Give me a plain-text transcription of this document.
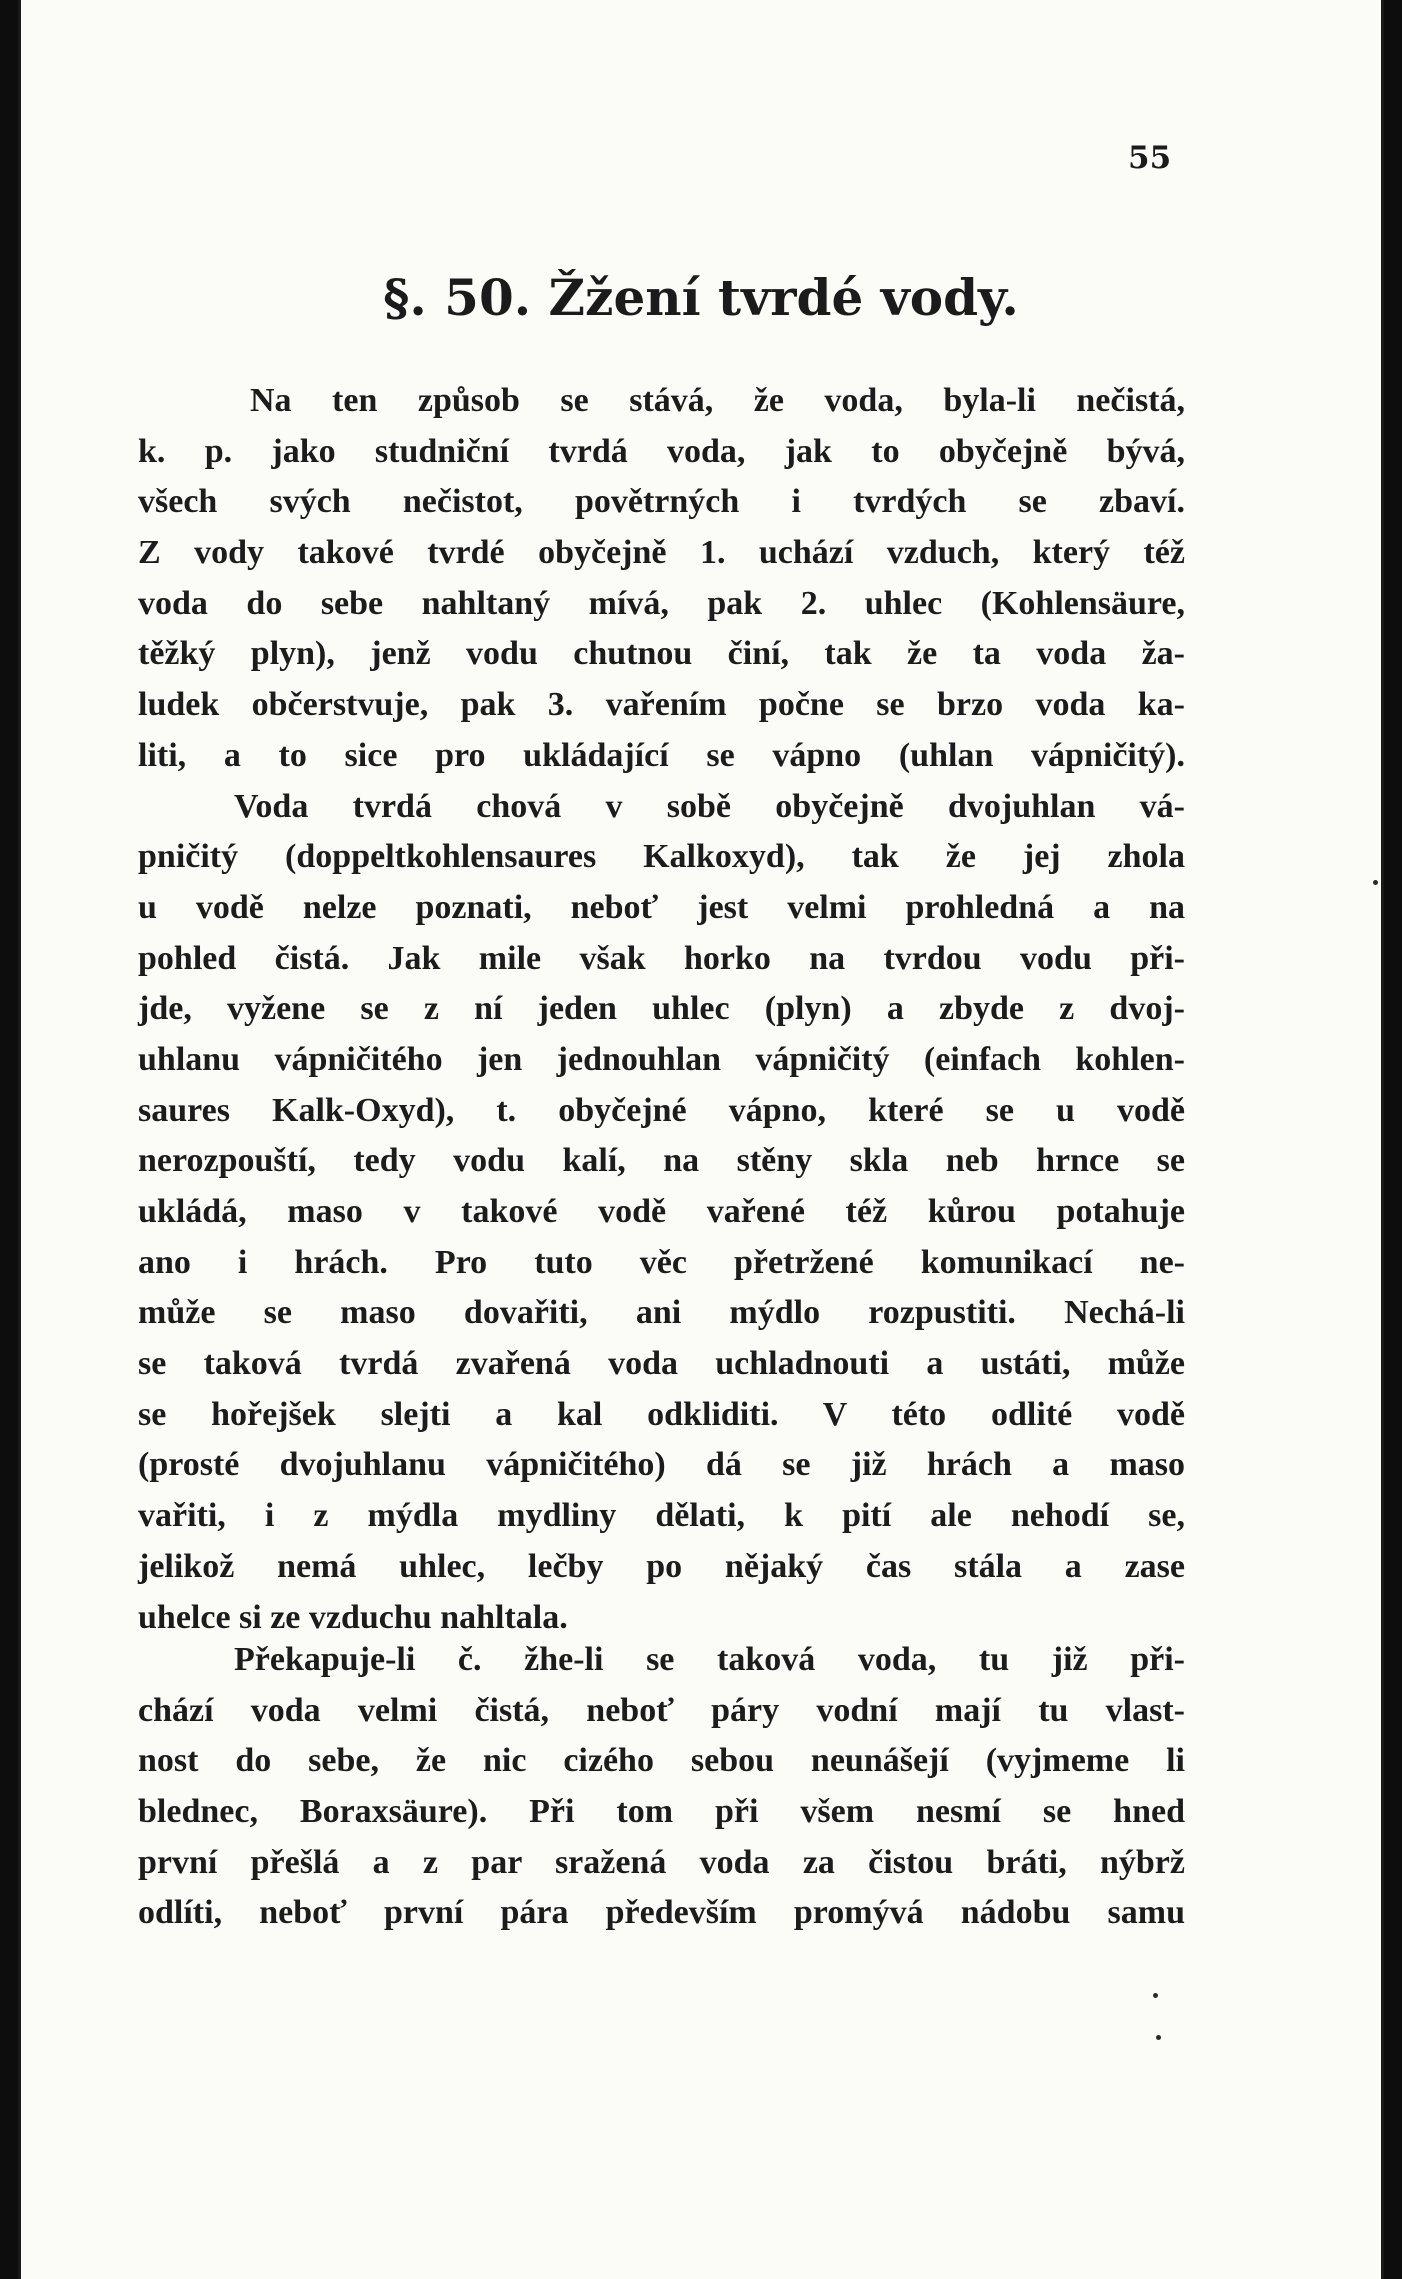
55
§. 50. Žžení tvrdé vody.
Na ten způsob se stává, že voda, byla-li nečistá,
k. p. jako studniční tvrdá voda, jak to obyčejně bývá,
všech svých nečistot, povětrných i tvrdých se zbaví.
Z vody takové tvrdé obyčejně 1. uchází vzduch, který též
voda do sebe nahltaný mívá, pak 2. uhlec (Kohlensäure,
těžký plyn), jenž vodu chutnou činí, tak že ta voda ža-
ludek občerstvuje, pak 3. vařením počne se brzo voda ka-
liti, a to sice pro ukládající se vápno (uhlan vápničitý).
Voda tvrdá chová v sobě obyčejně dvojuhlan vá-
pničitý (doppeltkohlensaures Kalkoxyd), tak že jej zhola
u vodě nelze poznati, neboť jest velmi prohledná a na
pohled čistá. Jak mile však horko na tvrdou vodu při-
jde, vyžene se z ní jeden uhlec (plyn) a zbyde z dvoj-
uhlanu vápničitého jen jednouhlan vápničitý (einfach kohlen-
saures Kalk-Oxyd), t. obyčejné vápno, které se u vodě
nerozpouští, tedy vodu kalí, na stěny skla neb hrnce se
ukládá, maso v takové vodě vařené též kůrou potahuje
ano i hrách. Pro tuto věc přetržené komunikací ne-
může se maso dovařiti, ani mýdlo rozpustiti. Nechá-li
se taková tvrdá zvařená voda uchladnouti a ustáti, může
se hořejšek slejti a kal odkliditi. V této odlité vodě
(prosté dvojuhlanu vápničitého) dá se již hrách a maso
vařiti, i z mýdla mydliny dělati, k pití ale nehodí se,
jelikož nemá uhlec, lečby po nějaký čas stála a zase
uhelce si ze vzduchu nahltala.
Překapuje-li č. žhe-li se taková voda, tu již při-
chází voda velmi čistá, neboť páry vodní mají tu vlast-
nost do sebe, že nic cizého sebou neunášejí (vyjmeme li
blednec, Boraxsäure). Při tom při všem nesmí se hned
první přešlá a z par sražená voda za čistou bráti, nýbrž
odlíti, neboť první pára především promývá nádobu samu
